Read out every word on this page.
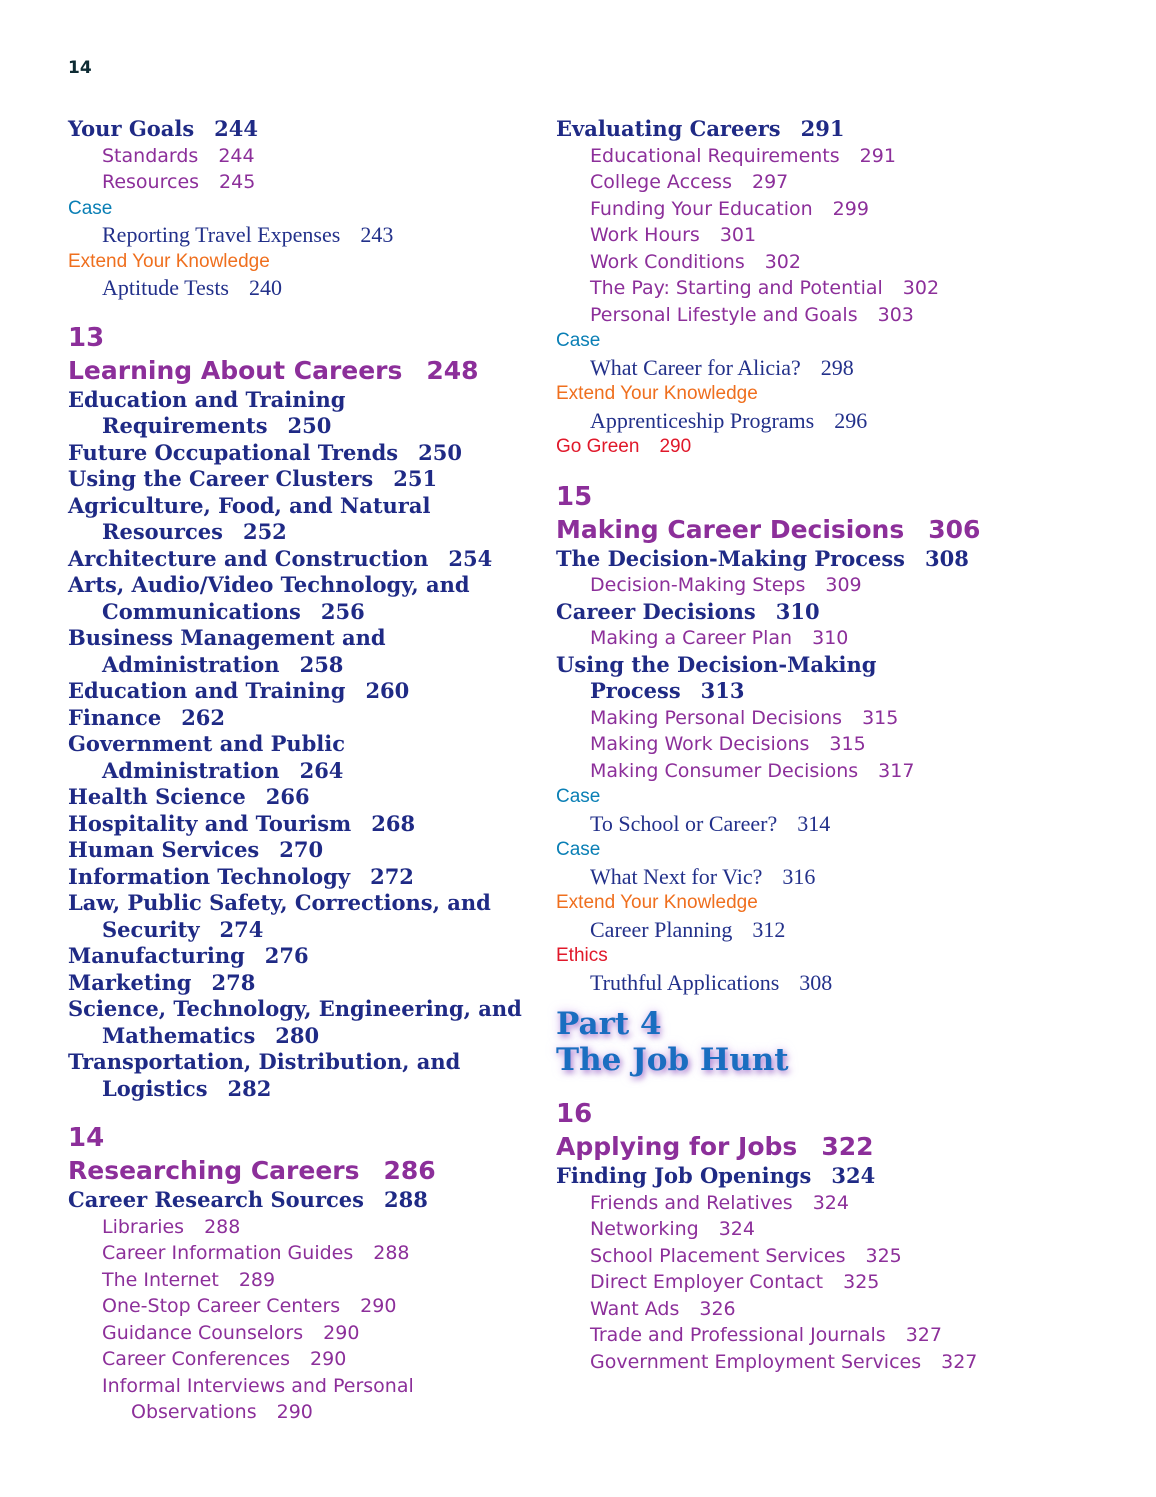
14
Your Goals 244
Standards 244
Resources 245
Case
Reporting Travel Expenses 243
Extend Your Knowledge
Aptitude Tests 240
13
Learning About Careers 248
Education and Training
Requirements 250
Future Occupational Trends 250
Using the Career Clusters 251
Agriculture, Food, and Natural
Resources 252
Architecture and Construction 254
Arts, Audio/Video Technology, and
Communications 256
Business Management and
Administration 258
Education and Training 260
Finance 262
Government and Public
Administration 264
Health Science 266
Hospitality and Tourism 268
Human Services 270
Information Technology 272
Law, Public Safety, Corrections, and
Security 274
Manufacturing 276
Marketing 278
Science, Technology, Engineering, and
Mathematics 280
Transportation, Distribution, and
Logistics 282
14
Researching Careers 286
Career Research Sources 288
Libraries 288
Career Information Guides 288
The Internet 289
One-Stop Career Centers 290
Guidance Counselors 290
Career Conferences 290
Informal Interviews and Personal
Observations 290
Evaluating Careers 291
Educational Requirements 291
College Access 297
Funding Your Education 299
Work Hours 301
Work Conditions 302
The Pay: Starting and Potential 302
Personal Lifestyle and Goals 303
Case
What Career for Alicia? 298
Extend Your Knowledge
Apprenticeship Programs 296
Go Green 290
15
Making Career Decisions 306
The Decision-Making Process 308
Decision-Making Steps 309
Career Decisions 310
Making a Career Plan 310
Using the Decision-Making
Process 313
Making Personal Decisions 315
Making Work Decisions 315
Making Consumer Decisions 317
Case
To School or Career? 314
Case
What Next for Vic? 316
Extend Your Knowledge
Career Planning 312
Ethics
Truthful Applications 308
Part 4
The Job Hunt
16
Applying for Jobs 322
Finding Job Openings 324
Friends and Relatives 324
Networking 324
School Placement Services 325
Direct Employer Contact 325
Want Ads 326
Trade and Professional Journals 327
Government Employment Services 327
